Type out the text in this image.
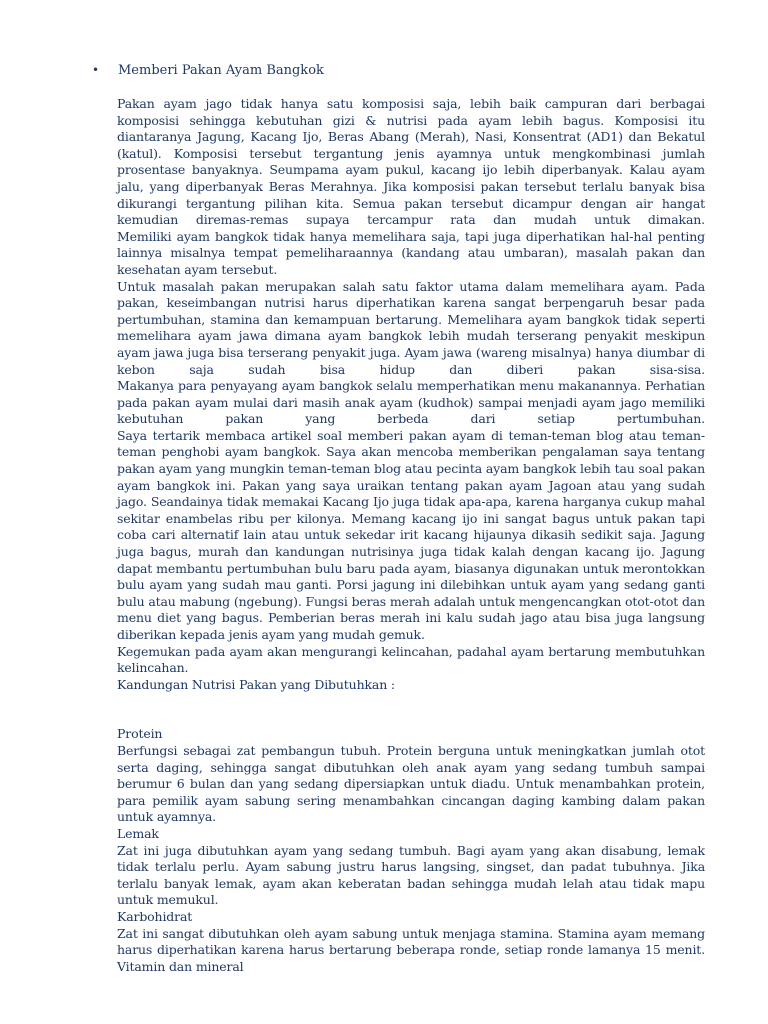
• Memberi Pakan Ayam Bangkok

Pakan ayam jago tidak hanya satu komposisi saja, lebih baik campuran dari berbagai komposisi sehingga kebutuhan gizi & nutrisi pada ayam lebih bagus. Komposisi itu diantaranya Jagung, Kacang Ijo, Beras Abang (Merah), Nasi, Konsentrat (AD1) dan Bekatul (katul). Komposisi tersebut tergantung jenis ayamnya untuk mengkombinasi jumlah prosentase banyaknya. Seumpama ayam pukul, kacang ijo lebih diperbanyak. Kalau ayam jalu, yang diperbanyak Beras Merahnya. Jika komposisi pakan tersebut terlalu banyak bisa dikurangi tergantung pilihan kita. Semua pakan tersebut dicampur dengan air hangat kemudian diremas-remas supaya tercampur rata dan mudah untuk dimakan.

Memiliki ayam bangkok tidak hanya memelihara saja, tapi juga diperhatikan hal-hal penting lainnya misalnya tempat pemeliharaannya (kandang atau umbaran), masalah pakan dan kesehatan ayam tersebut.

Untuk masalah pakan merupakan salah satu faktor utama dalam memelihara ayam. Pada pakan, keseimbangan nutrisi harus diperhatikan karena sangat berpengaruh besar pada pertumbuhan, stamina dan kemampuan bertarung. Memelihara ayam bangkok tidak seperti memelihara ayam jawa dimana ayam bangkok lebih mudah terserang penyakit meskipun ayam jawa juga bisa terserang penyakit juga. Ayam jawa (wareng misalnya) hanya diumbar di kebon saja sudah bisa hidup dan diberi pakan sisa-sisa.

Makanya para penyayang ayam bangkok selalu memperhatikan menu makanannya. Perhatian pada pakan ayam mulai dari masih anak ayam (kudhok) sampai menjadi ayam jago memiliki kebutuhan pakan yang berbeda dari setiap pertumbuhan.

Saya tertarik membaca artikel soal memberi pakan ayam di teman-teman blog atau teman-teman penghobi ayam bangkok. Saya akan mencoba memberikan pengalaman saya tentang pakan ayam yang mungkin teman-teman blog atau pecinta ayam bangkok lebih tau soal pakan ayam bangkok ini. Pakan yang saya uraikan tentang pakan ayam Jagoan atau yang sudah jago. Seandainya tidak memakai Kacang Ijo juga tidak apa-apa, karena harganya cukup mahal sekitar enambelas ribu per kilonya. Memang kacang ijo ini sangat bagus untuk pakan tapi coba cari alternatif lain atau untuk sekedar irit kacang hijaunya dikasih sedikit saja. Jagung juga bagus, murah dan kandungan nutrisinya juga tidak kalah dengan kacang ijo. Jagung dapat membantu pertumbuhan bulu baru pada ayam, biasanya digunakan untuk merontokkan bulu ayam yang sudah mau ganti. Porsi jagung ini dilebihkan untuk ayam yang sedang ganti bulu atau mabung (ngebung). Fungsi beras merah adalah untuk mengencangkan otot-otot dan menu diet yang bagus. Pemberian beras merah ini kalu sudah jago atau bisa juga langsung diberikan kepada jenis ayam yang mudah gemuk.

Kegemukan pada ayam akan mengurangi kelincahan, padahal ayam bertarung membutuhkan kelincahan.

Kandungan Nutrisi Pakan yang Dibutuhkan :

Protein

Berfungsi sebagai zat pembangun tubuh. Protein berguna untuk meningkatkan jumlah otot serta daging, sehingga sangat dibutuhkan oleh anak ayam yang sedang tumbuh sampai berumur 6 bulan dan yang sedang dipersiapkan untuk diadu. Untuk menambahkan protein, para pemilik ayam sabung sering menambahkan cincangan daging kambing dalam pakan untuk ayamnya.

Lemak

Zat ini juga dibutuhkan ayam yang sedang tumbuh. Bagi ayam yang akan disabung, lemak tidak terlalu perlu. Ayam sabung justru harus langsing, singset, dan padat tubuhnya. Jika terlalu banyak lemak, ayam akan keberatan badan sehingga mudah lelah atau tidak mapu untuk memukul.

Karbohidrat

Zat ini sangat dibutuhkan oleh ayam sabung untuk menjaga stamina. Stamina ayam memang harus diperhatikan karena harus bertarung beberapa ronde, setiap ronde lamanya 15 menit.

Vitamin dan mineral
